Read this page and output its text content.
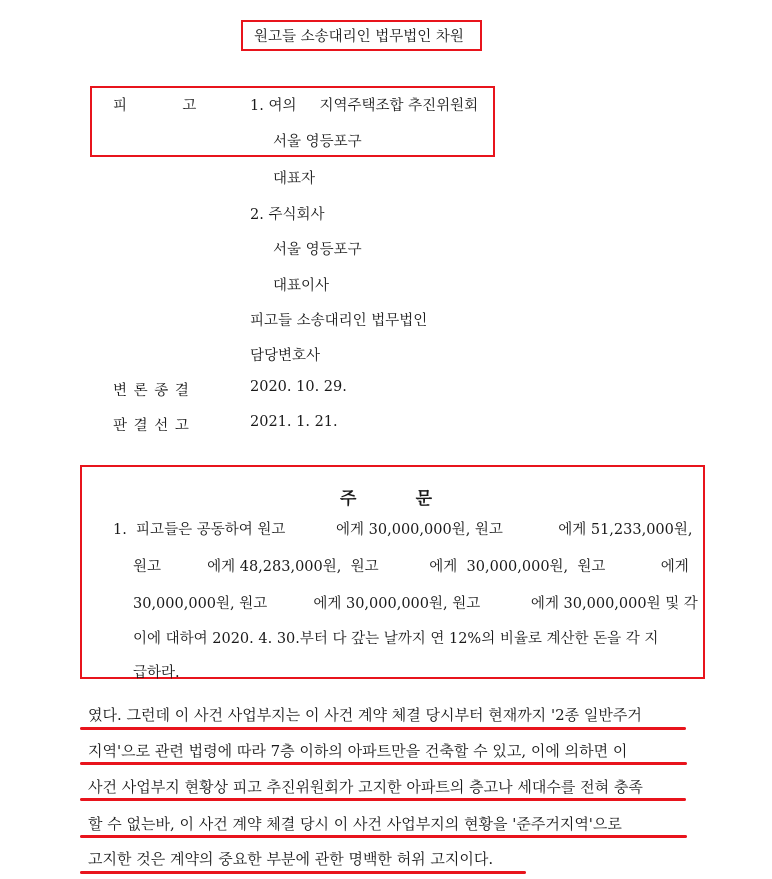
원고들 소송대리인 법무법인 차원
피            고	1. 여의     지역주택조합 추진위원회
서울 영등포구
대표자
2. 주식회사
서울 영등포구
대표이사
피고들 소송대리인 법무법인
담당변호사
변 론 종 결	2020. 10. 29.
판 결 선 고	2021. 1. 21.
주          문
1.  피고들은 공동하여 원고           에게 30,000,000원, 원고            에게 51,233,000원,
원고          에게 48,283,000원,  원고           에게  30,000,000원,  원고            에게
30,000,000원, 원고          에게 30,000,000원, 원고           에게 30,000,000원 및 각
이에 대하여 2020. 4. 30.부터 다 갚는 날까지 연 12%의 비율로 계산한 돈을 각 지
급하라.
였다. 그런데 이 사건 사업부지는 이 사건 계약 체결 당시부터 현재까지 '2종 일반주거
지역'으로 관련 법령에 따라 7층 이하의 아파트만을 건축할 수 있고, 이에 의하면 이
사건 사업부지 현황상 피고 추진위원회가 고지한 아파트의 층고나 세대수를 전혀 충족
할 수 없는바, 이 사건 계약 체결 당시 이 사건 사업부지의 현황을 '준주거지역'으로
고지한 것은 계약의 중요한 부분에 관한 명백한 허위 고지이다.
